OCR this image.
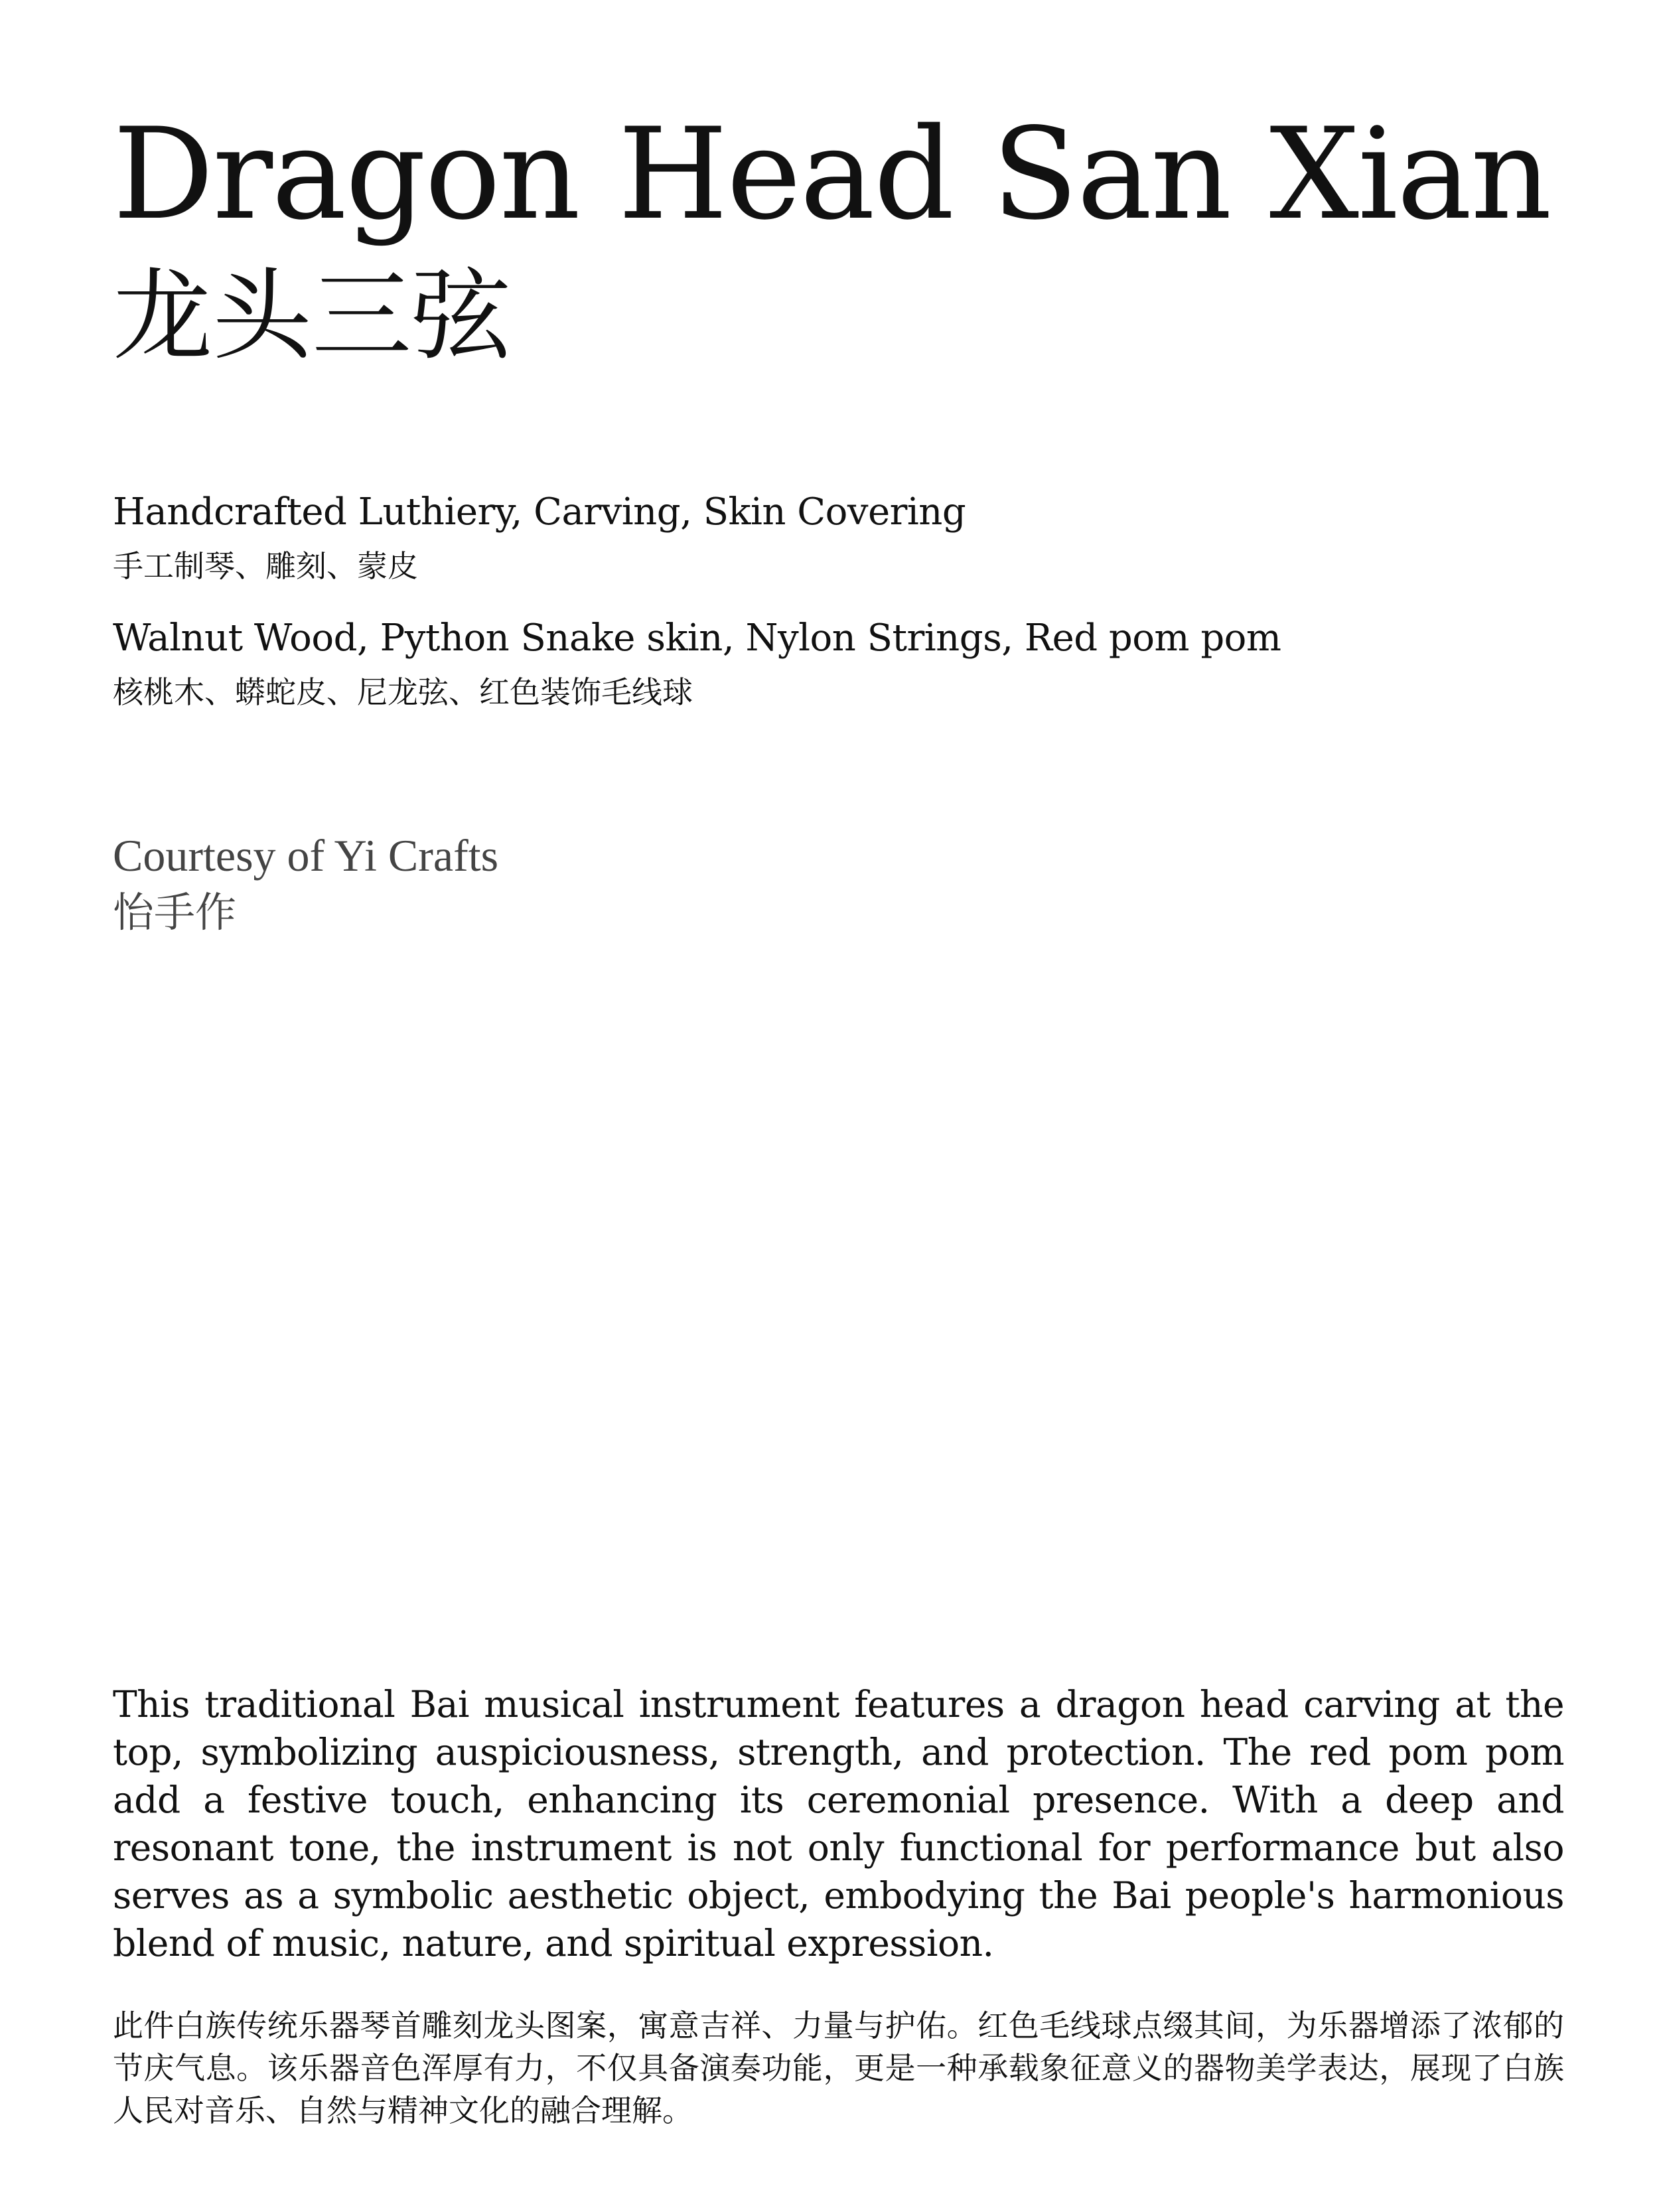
Dragon Head San Xian
龙头三弦
Handcrafted Luthiery, Carving, Skin Covering
手工制琴、雕刻、蒙皮
Walnut Wood, Python Snake skin, Nylon Strings, Red pom pom
核桃木、蟒蛇皮、尼龙弦、红色装饰毛线球
Courtesy of Yi Crafts
怡手作

This traditional Bai musical instrument features a dragon head carving at the top, symbolizing auspiciousness, strength, and protection. The red pom pom add a festive touch, enhancing its ceremonial presence. With a deep and resonant tone, the instrument is not only functional for performance but also serves as a symbolic aesthetic object, embodying the Bai people's harmonious blend of music, nature, and spiritual expression.

此件白族传统乐器琴首雕刻龙头图案，寓意吉祥、力量与护佑。红色毛线球点缀其间，为乐器增添了浓郁的节庆气息。该乐器音色浑厚有力，不仅具备演奏功能，更是一种承载象征意义的器物美学表达，展现了白族人民对音乐、自然与精神文化的融合理解。
